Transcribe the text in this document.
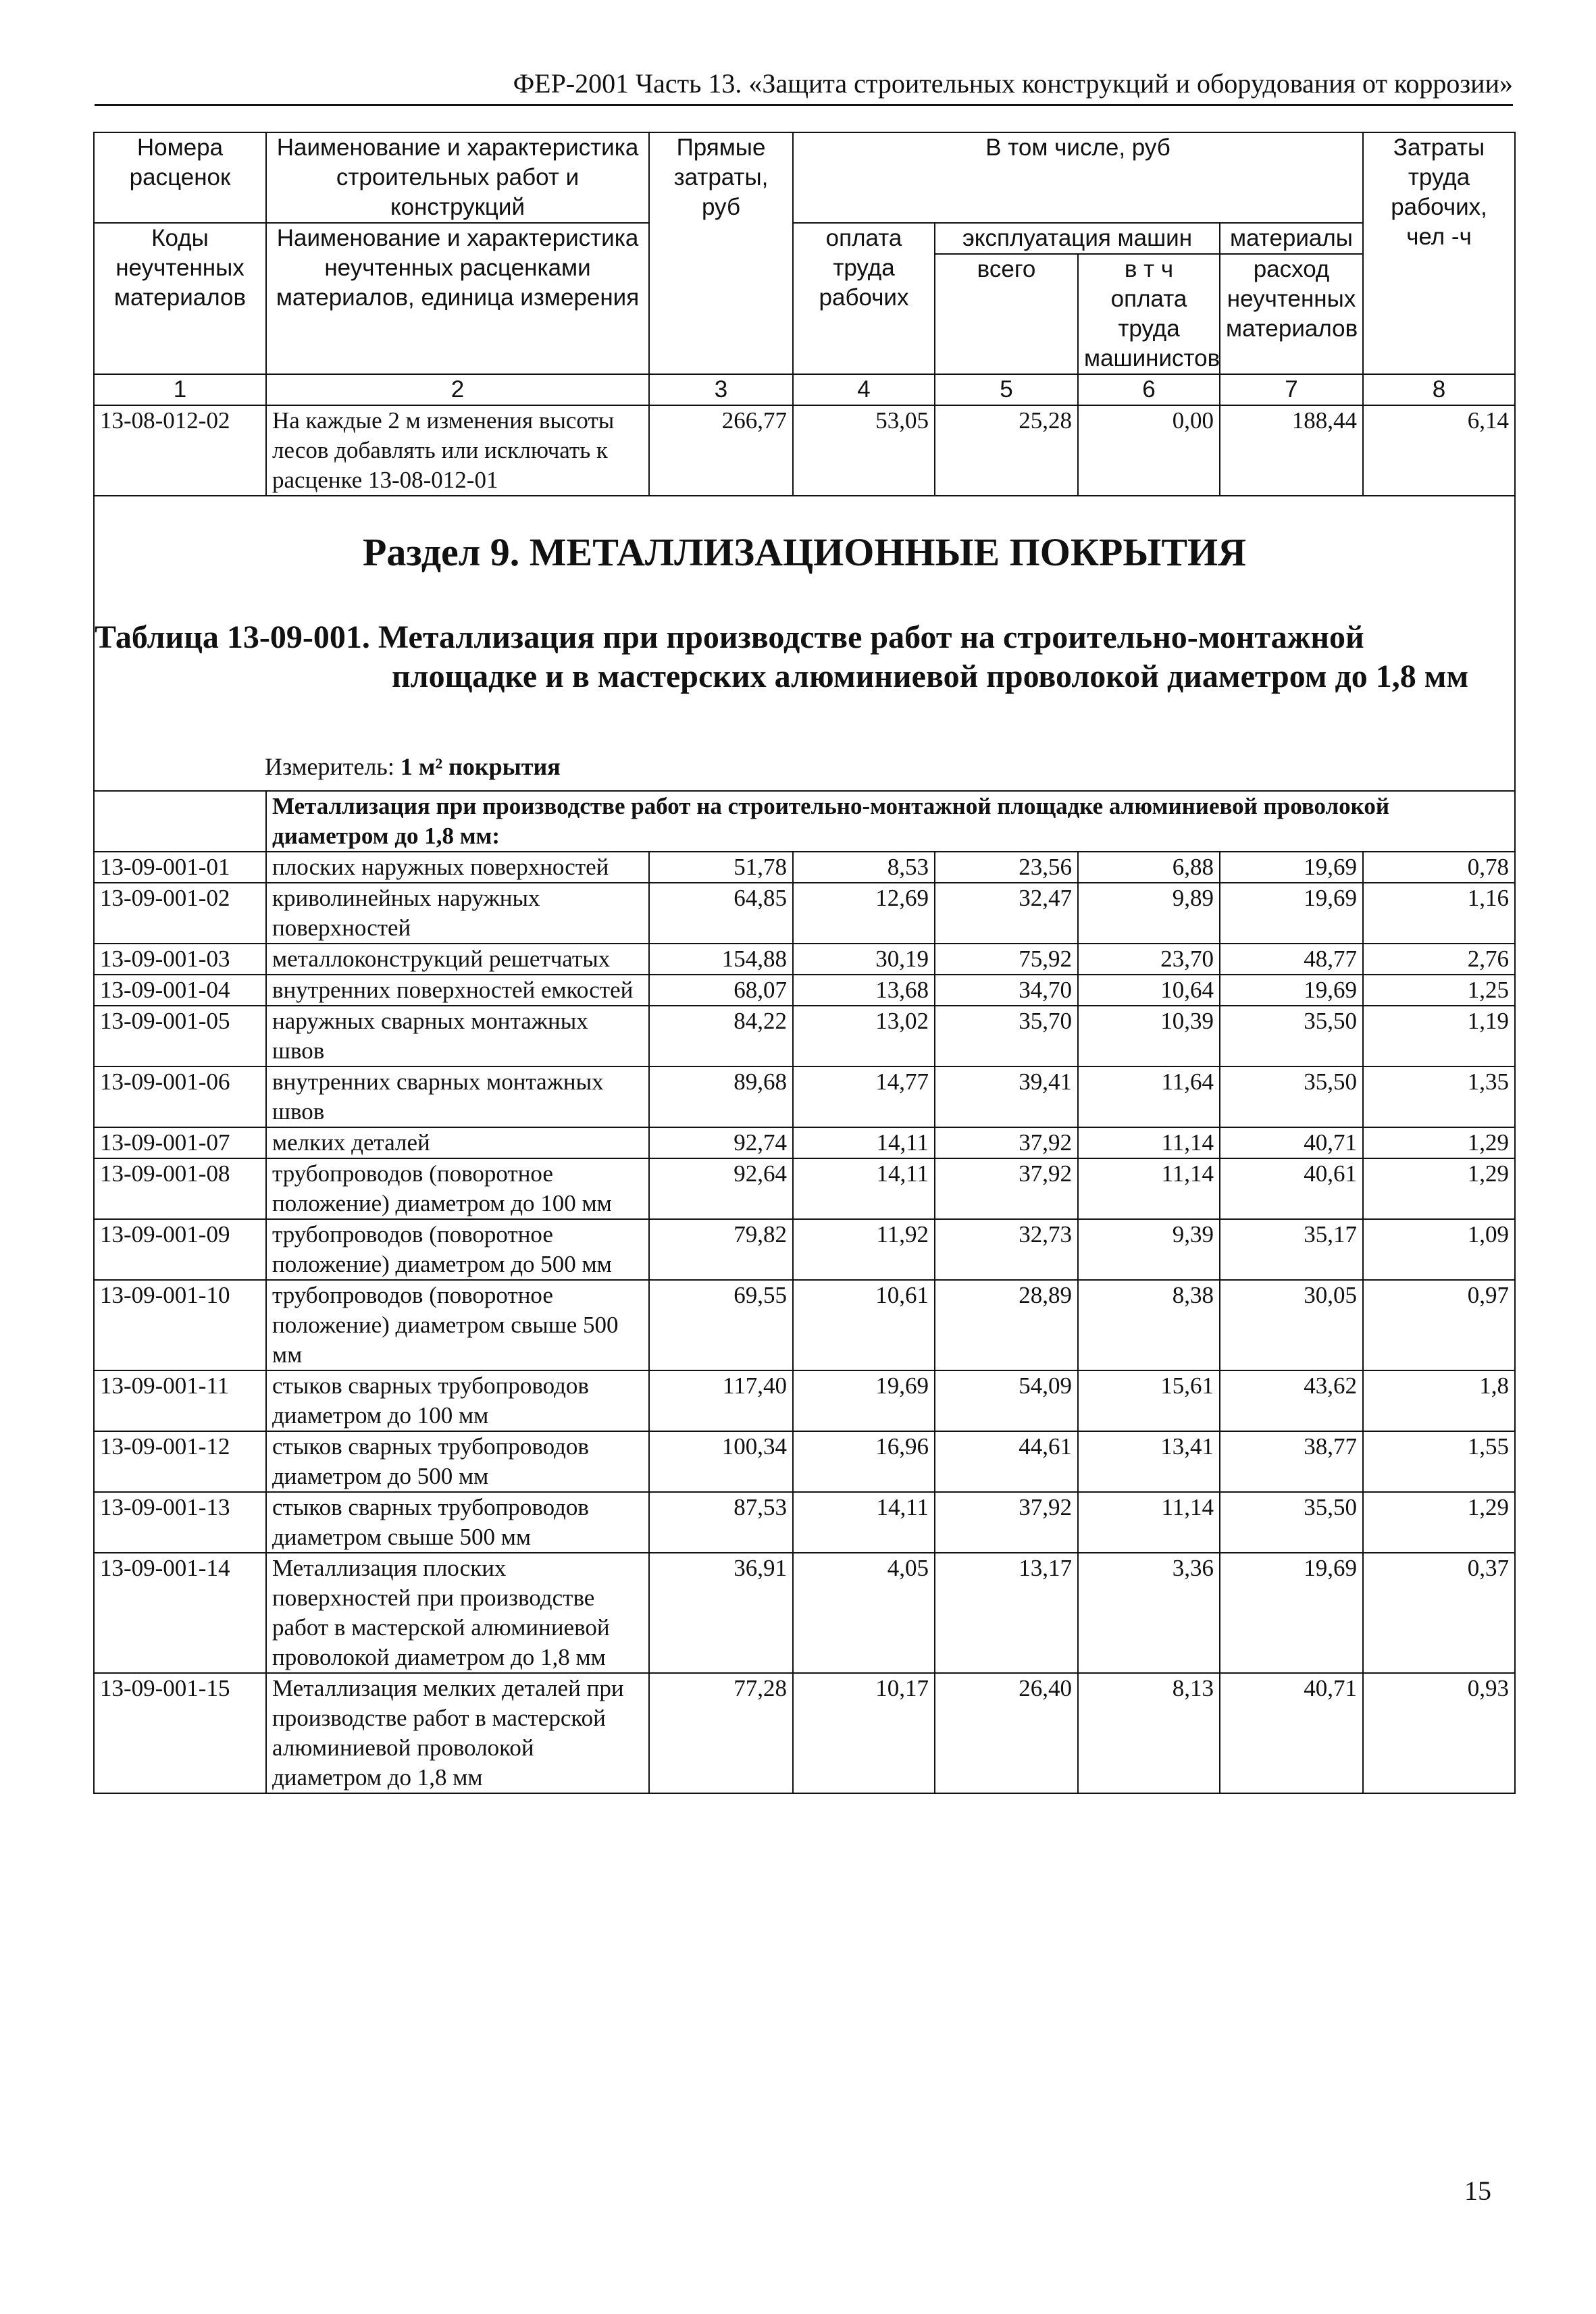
ФЕР-2001 Часть 13. «Защита строительных конструкций и оборудования от коррозии»
Номера расценок	Наименование и характеристика строительных работ и конструкций	Прямые затраты, руб	В том числе, руб				Затраты труда рабочих, чел -ч
Коды неучтенных материалов	Наименование и характеристика неучтенных расценками материалов, единица измерения		оплата труда рабочих	эксплуатация машин		материалы	
				всего	в т ч оплата труда машинистов	расход неучтенных материалов	

1	2	3	4	5	6	7	8
13-08-012-02	На каждые 2 м изменения высоты лесов добавлять или исключать к расценке 13-08-012-01	266,77	53,05	25,28	0,00	188,44	6,14

Раздел 9. МЕТАЛЛИЗАЦИОННЫЕ ПОКРЫТИЯ
Таблица 13-09-001. Металлизация при производстве работ на строительно-монтажной
площадке и в мастерских алюминиевой проволокой диаметром до 1,8 мм
Измеритель: 1 м² покрытия							

	Металлизация при производстве работ на строительно-монтажной площадке алюминиевой проволокой диаметром до 1,8 мм:						
13-09-001-01	плоских наружных поверхностей	51,78	8,53	23,56	6,88	19,69	0,78
13-09-001-02	криволинейных наружных поверхностей	64,85	12,69	32,47	9,89	19,69	1,16
13-09-001-03	металлоконструкций решетчатых	154,88	30,19	75,92	23,70	48,77	2,76
13-09-001-04	внутренних поверхностей емкостей	68,07	13,68	34,70	10,64	19,69	1,25
13-09-001-05	наружных сварных монтажных швов	84,22	13,02	35,70	10,39	35,50	1,19
13-09-001-06	внутренних сварных монтажных швов	89,68	14,77	39,41	11,64	35,50	1,35
13-09-001-07	мелких деталей	92,74	14,11	37,92	11,14	40,71	1,29
13-09-001-08	трубопроводов (поворотное положение) диаметром до 100 мм	92,64	14,11	37,92	11,14	40,61	1,29
13-09-001-09	трубопроводов (поворотное положение) диаметром до 500 мм	79,82	11,92	32,73	9,39	35,17	1,09
13-09-001-10	трубопроводов (поворотное положение) диаметром свыше 500 мм	69,55	10,61	28,89	8,38	30,05	0,97
13-09-001-11	стыков сварных трубопроводов диаметром до 100 мм	117,40	19,69	54,09	15,61	43,62	1,8
13-09-001-12	стыков сварных трубопроводов диаметром до 500 мм	100,34	16,96	44,61	13,41	38,77	1,55
13-09-001-13	стыков сварных трубопроводов диаметром свыше 500 мм	87,53	14,11	37,92	11,14	35,50	1,29
13-09-001-14	Металлизация плоских поверхностей при производстве работ в мастерской алюминиевой проволокой диаметром до 1,8 мм	36,91	4,05	13,17	3,36	19,69	0,37
13-09-001-15	Металлизация мелких деталей при производстве работ в мастерской алюминиевой проволокой диаметром до 1,8 мм	77,28	10,17	26,40	8,13	40,71	0,93
15
